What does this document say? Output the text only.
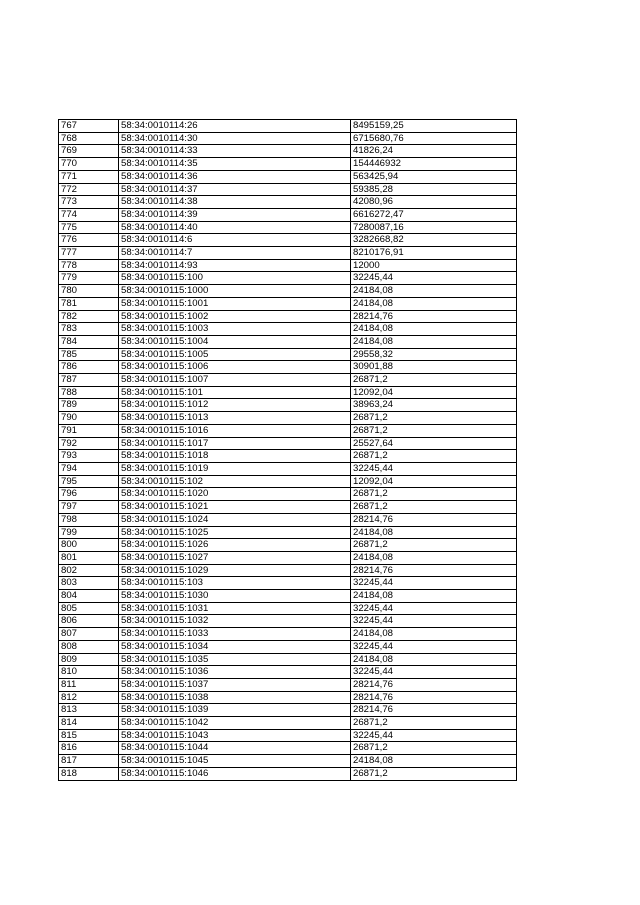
767	58:34:0010114:26	8495159,25
768	58:34:0010114:30	6715680,76
769	58:34:0010114:33	41826,24
770	58:34:0010114:35	154446932
771	58:34:0010114:36	563425,94
772	58:34:0010114:37	59385,28
773	58:34:0010114:38	42080,96
774	58:34:0010114:39	6616272,47
775	58:34:0010114:40	7280087,16
776	58:34:0010114:6	3282668,82
777	58:34:0010114:7	8210176,91
778	58:34:0010114:93	12000
779	58:34:0010115:100	32245,44
780	58:34:0010115:1000	24184,08
781	58:34:0010115:1001	24184,08
782	58:34:0010115:1002	28214,76
783	58:34:0010115:1003	24184,08
784	58:34:0010115:1004	24184,08
785	58:34:0010115:1005	29558,32
786	58:34:0010115:1006	30901,88
787	58:34:0010115:1007	26871,2
788	58:34:0010115:101	12092,04
789	58:34:0010115:1012	38963,24
790	58:34:0010115:1013	26871,2
791	58:34:0010115:1016	26871,2
792	58:34:0010115:1017	25527,64
793	58:34:0010115:1018	26871,2
794	58:34:0010115:1019	32245,44
795	58:34:0010115:102	12092,04
796	58:34:0010115:1020	26871,2
797	58:34:0010115:1021	26871,2
798	58:34:0010115:1024	28214,76
799	58:34:0010115:1025	24184,08
800	58:34:0010115:1026	26871,2
801	58:34:0010115:1027	24184,08
802	58:34:0010115:1029	28214,76
803	58:34:0010115:103	32245,44
804	58:34:0010115:1030	24184,08
805	58:34:0010115:1031	32245,44
806	58:34:0010115:1032	32245,44
807	58:34:0010115:1033	24184,08
808	58:34:0010115:1034	32245,44
809	58:34:0010115:1035	24184,08
810	58:34:0010115:1036	32245,44
811	58:34:0010115:1037	28214,76
812	58:34:0010115:1038	28214,76
813	58:34:0010115:1039	28214,76
814	58:34:0010115:1042	26871,2
815	58:34:0010115:1043	32245,44
816	58:34:0010115:1044	26871,2
817	58:34:0010115:1045	24184,08
818	58:34:0010115:1046	26871,2
